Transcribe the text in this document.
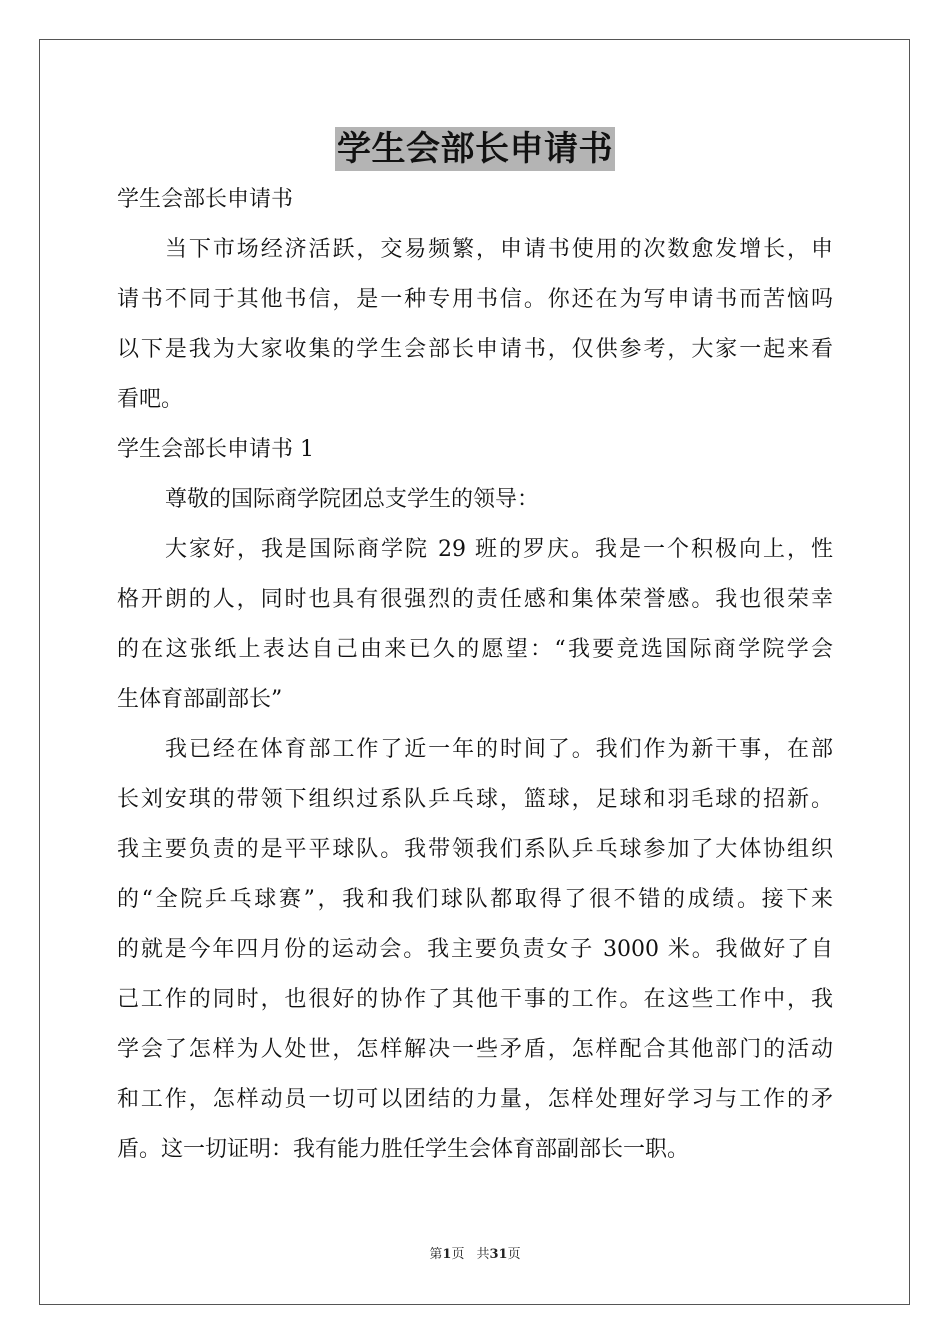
学生会部长申请书
学生会部长申请书
当下市场经济活跃，交易频繁，申请书使用的次数愈发增长，申
请书不同于其他书信，是一种专用书信。你还在为写申请书而苦恼吗
以下是我为大家收集的学生会部长申请书，仅供参考，大家一起来看
看吧。
学生会部长申请书 1
尊敬的国际商学院团总支学生的领导：
大家好，我是国际商学院 29 班的罗庆。我是一个积极向上，性
格开朗的人，同时也具有很强烈的责任感和集体荣誉感。我也很荣幸
的在这张纸上表达自己由来已久的愿望：“我要竞选国际商学院学会
生体育部副部长”
我已经在体育部工作了近一年的时间了。我们作为新干事，在部
长刘安琪的带领下组织过系队乒乓球，篮球，足球和羽毛球的招新。
我主要负责的是平平球队。我带领我们系队乒乓球参加了大体协组织
的“全院乒乓球赛”，我和我们球队都取得了很不错的成绩。接下来
的就是今年四月份的运动会。我主要负责女子 3000 米。我做好了自
己工作的同时，也很好的协作了其他干事的工作。在这些工作中，我
学会了怎样为人处世，怎样解决一些矛盾，怎样配合其他部门的活动
和工作，怎样动员一切可以团结的力量，怎样处理好学习与工作的矛
盾。这一切证明：我有能力胜任学生会体育部副部长一职。
第1页 共31页
